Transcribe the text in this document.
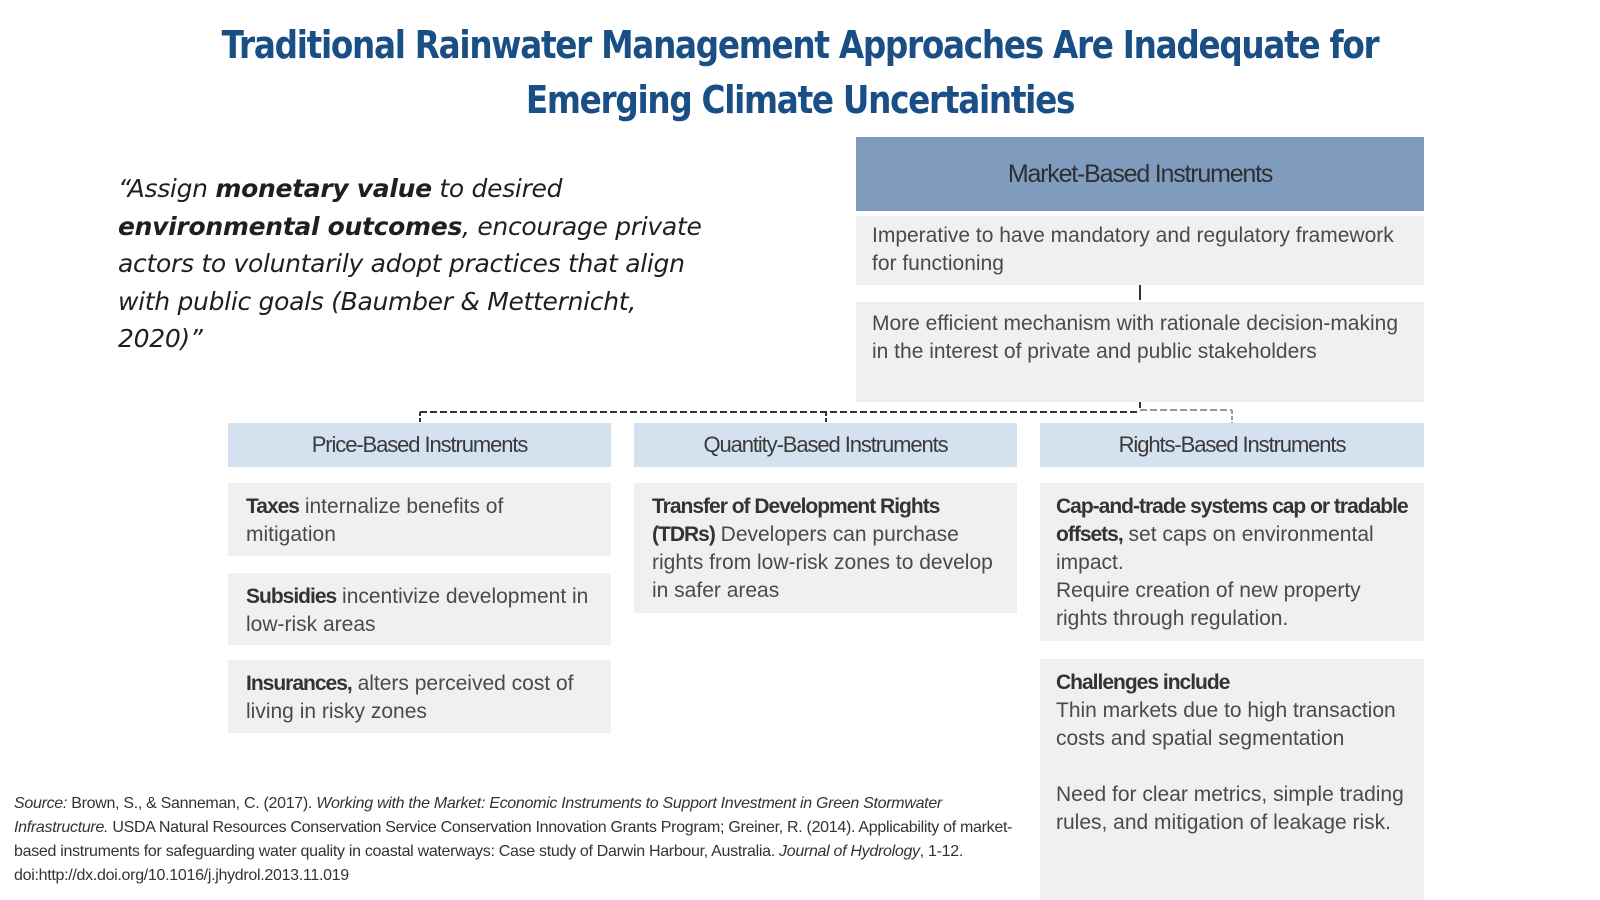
Traditional Rainwater Management Approaches Are Inadequate for
Emerging Climate Uncertainties
“Assign monetary value to desired environmental outcomes, encourage private actors to voluntarily adopt practices that align with public goals (Baumber & Metternicht, 2020)”
Market-Based Instruments
Imperative to have mandatory and regulatory framework for functioning
More efficient mechanism with rationale decision-making in the interest of private and public stakeholders
Price-Based Instruments	Quantity-Based Instruments	Rights-Based Instruments
Taxes internalize benefits of mitigation
Subsidies incentivize development in low-risk areas
Insurances, alters perceived cost of living in risky zones
Transfer of Development Rights (TDRs) Developers can purchase rights from low-risk zones to develop in safer areas
Cap-and-trade systems cap or tradable offsets, set caps on environmental impact.
Require creation of new property rights through regulation.
Challenges include
Thin markets due to high transaction costs and spatial segmentation

Need for clear metrics, simple trading rules, and mitigation of leakage risk.
Source: Brown, S., & Sanneman, C. (2017). Working with the Market: Economic Instruments to Support Investment in Green Stormwater Infrastructure. USDA Natural Resources Conservation Service Conservation Innovation Grants Program; Greiner, R. (2014). Applicability of market-based instruments for safeguarding water quality in coastal waterways: Case study of Darwin Harbour, Australia. Journal of Hydrology, 1-12. doi:http://dx.doi.org/10.1016/j.jhydrol.2013.11.019
